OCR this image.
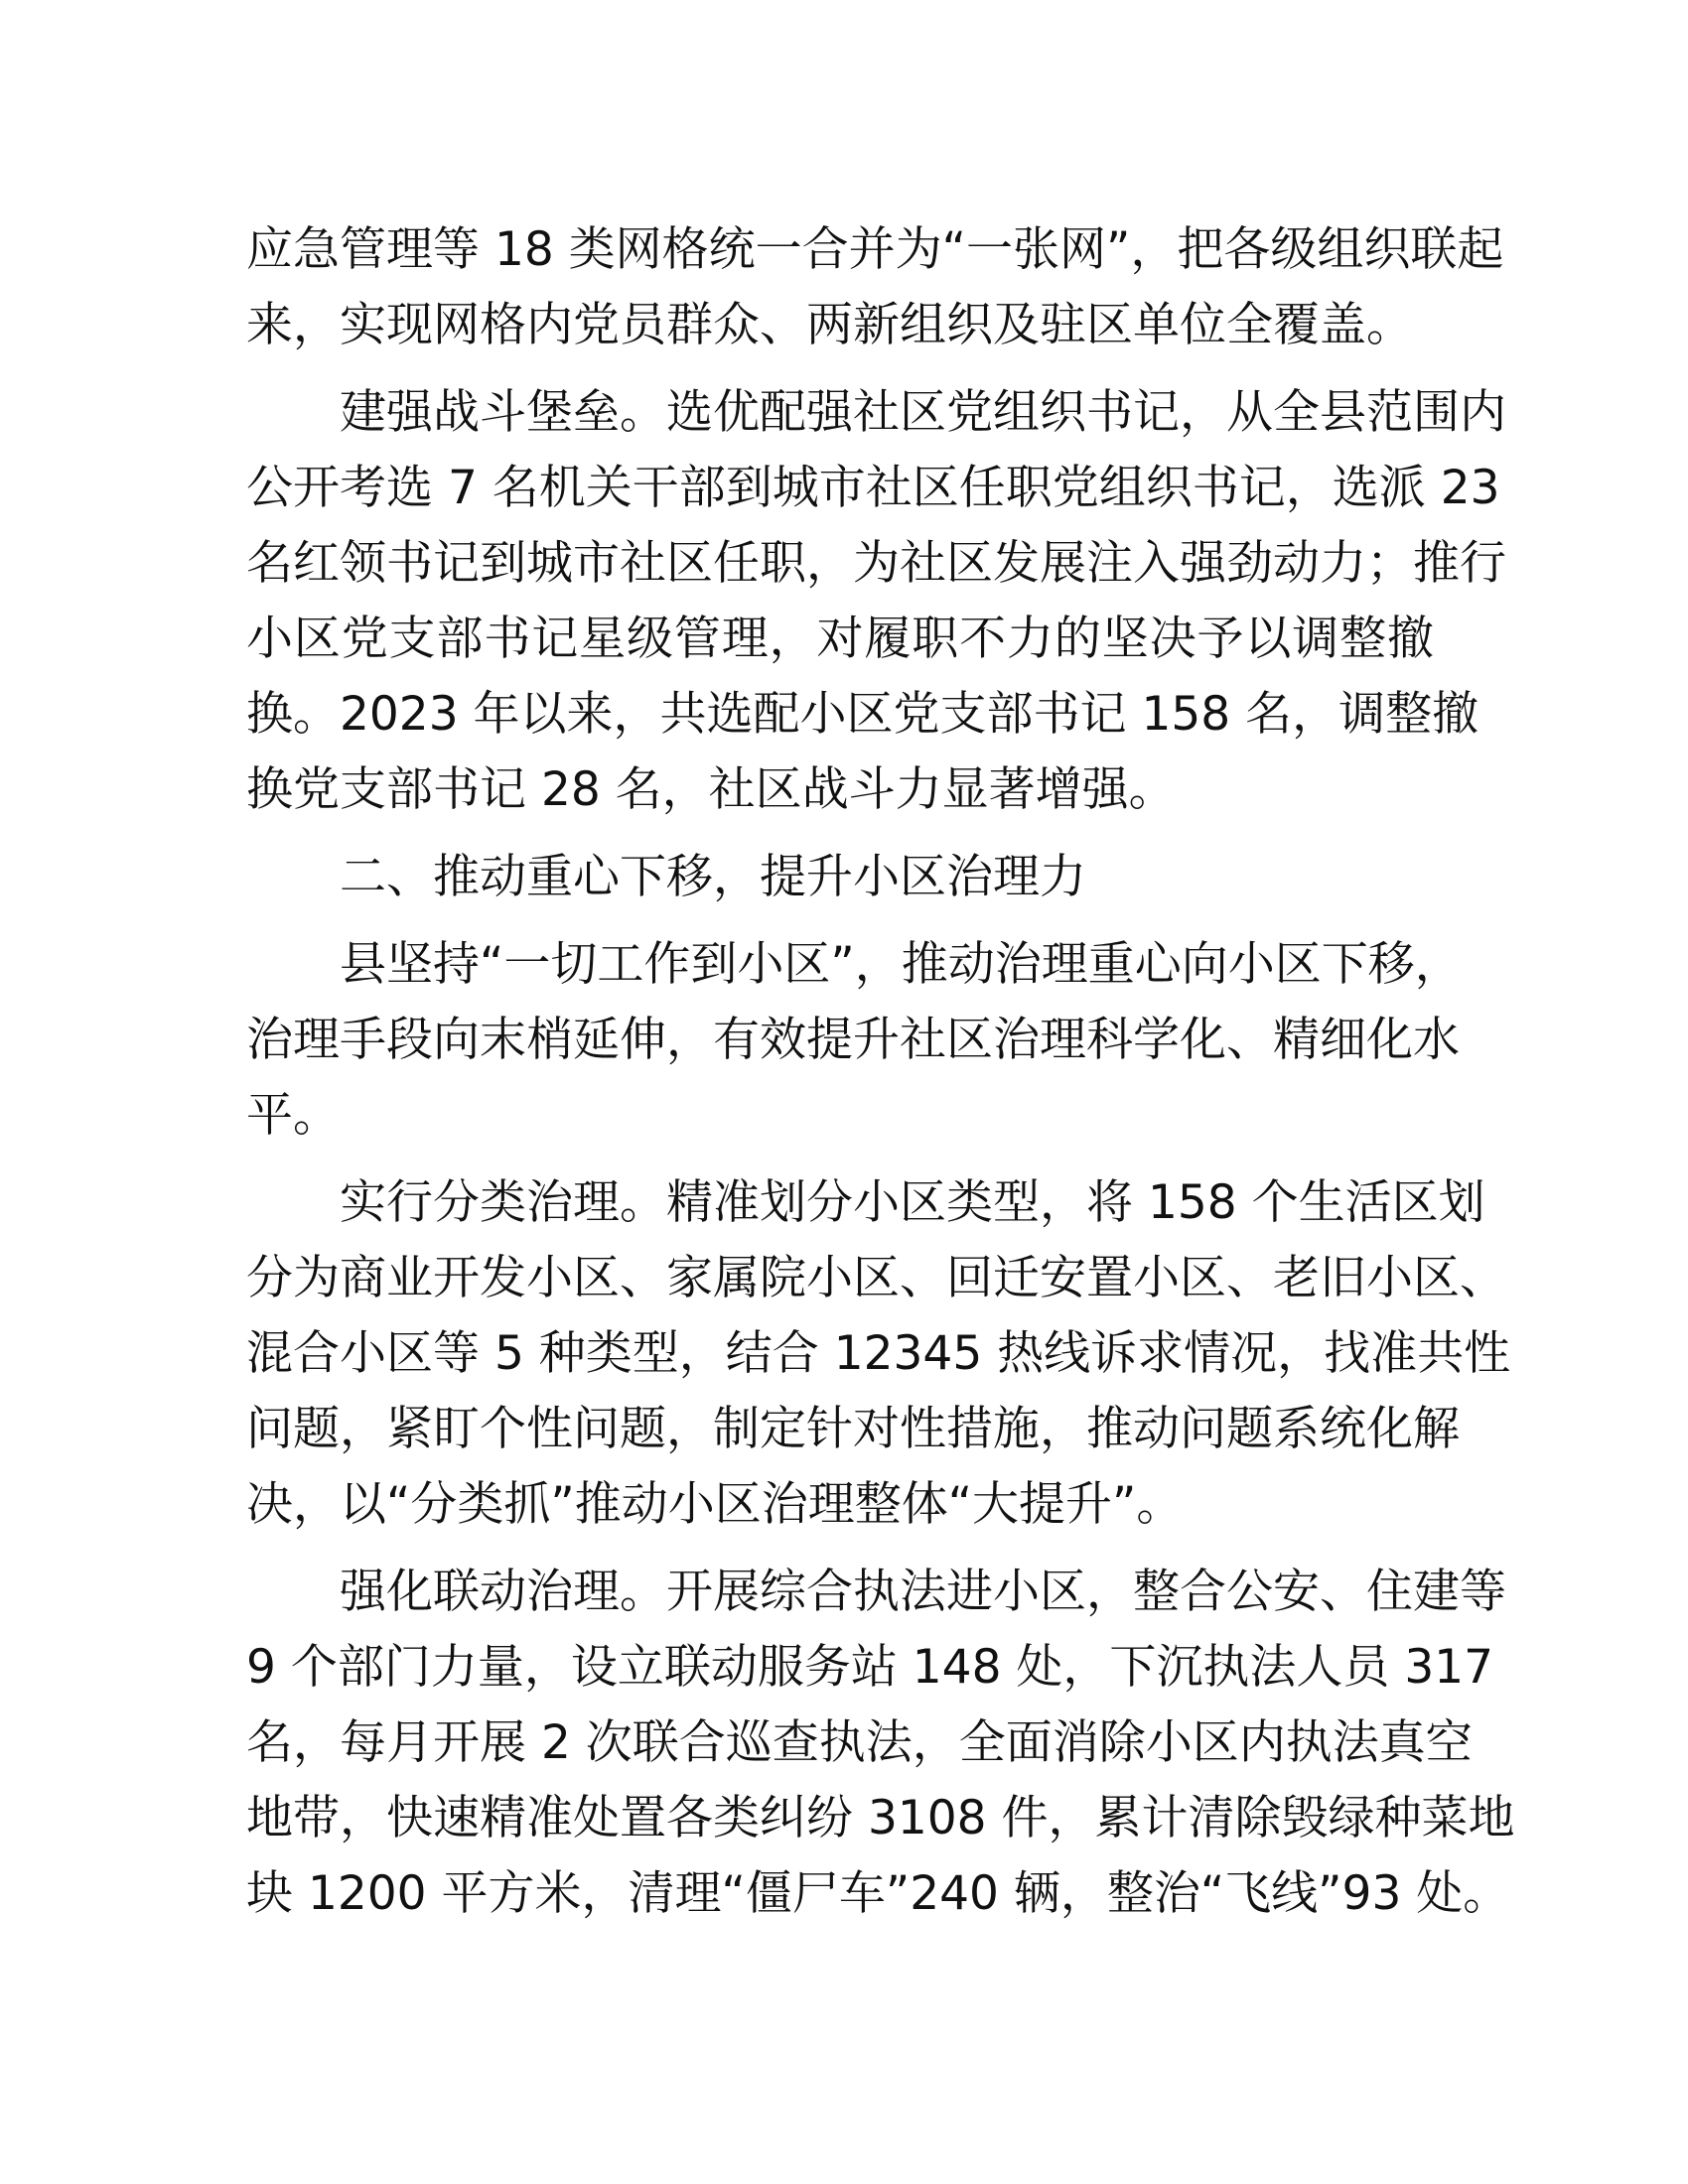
应急管理等 18 类网格统一合并为“一张网”，把各级组织联起
来，实现网格内党员群众、两新组织及驻区单位全覆盖。
建强战斗堡垒。选优配强社区党组织书记，从全县范围内
公开考选 7 名机关干部到城市社区任职党组织书记，选派 23
名红领书记到城市社区任职，为社区发展注入强劲动力；推行
小区党支部书记星级管理，对履职不力的坚决予以调整撤
换。2023 年以来，共选配小区党支部书记 158 名，调整撤
换党支部书记 28 名，社区战斗力显著增强。
二、推动重心下移，提升小区治理力
县坚持“一切工作到小区”，推动治理重心向小区下移，
治理手段向末梢延伸，有效提升社区治理科学化、精细化水
平。
实行分类治理。精准划分小区类型，将 158 个生活区划
分为商业开发小区、家属院小区、回迁安置小区、老旧小区、
混合小区等 5 种类型，结合 12345 热线诉求情况，找准共性
问题，紧盯个性问题，制定针对性措施，推动问题系统化解
决，以“分类抓”推动小区治理整体“大提升”。
强化联动治理。开展综合执法进小区，整合公安、住建等
9 个部门力量，设立联动服务站 148 处，下沉执法人员 317
名，每月开展 2 次联合巡查执法，全面消除小区内执法真空
地带，快速精准处置各类纠纷 3108 件，累计清除毁绿种菜地
块 1200 平方米，清理“僵尸车”240 辆，整治“飞线”93 处。
